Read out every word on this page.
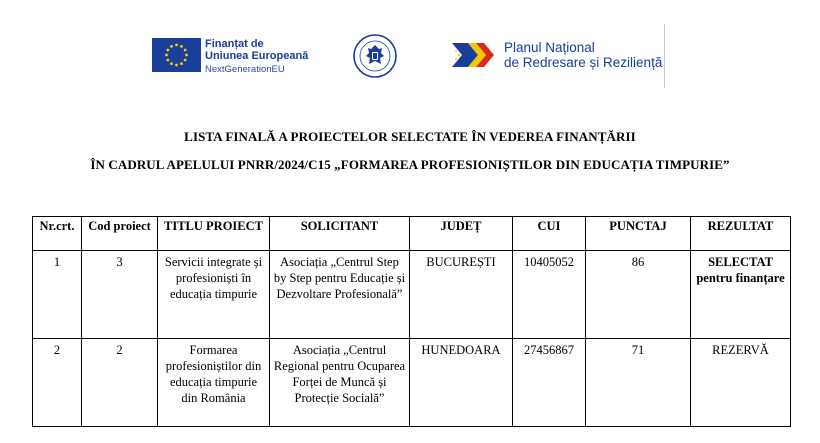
Finanțat de
Uniunea Europeană
NextGenerationEU
Planul Național
de Redresare și Reziliență
LISTA FINALĂ A PROIECTELOR SELECTATE ÎN VEDEREA FINANȚĂRII
ÎN CADRUL APELULUI PNRR/2024/C15 „FORMAREA PROFESIONIȘTILOR DIN EDUCAȚIA TIMPURIE”
Nr.crt.	Cod proiect	TITLU PROIECT	SOLICITANT	JUDEȚ	CUI	PUNCTAJ	REZULTAT
1	3	Servicii integrate și profesioniști în educația timpurie	Asociația „Centrul Step by Step pentru Educație și Dezvoltare Profesională”	BUCUREȘTI	10405052	86	SELECTAT pentru finanțare
2	2	Formarea profesioniștilor din educația timpurie din România	Asociația „Centrul Regional pentru Ocuparea Forței de Muncă și Protecție Socială”	HUNEDOARA	27456867	71	REZERVĂ
